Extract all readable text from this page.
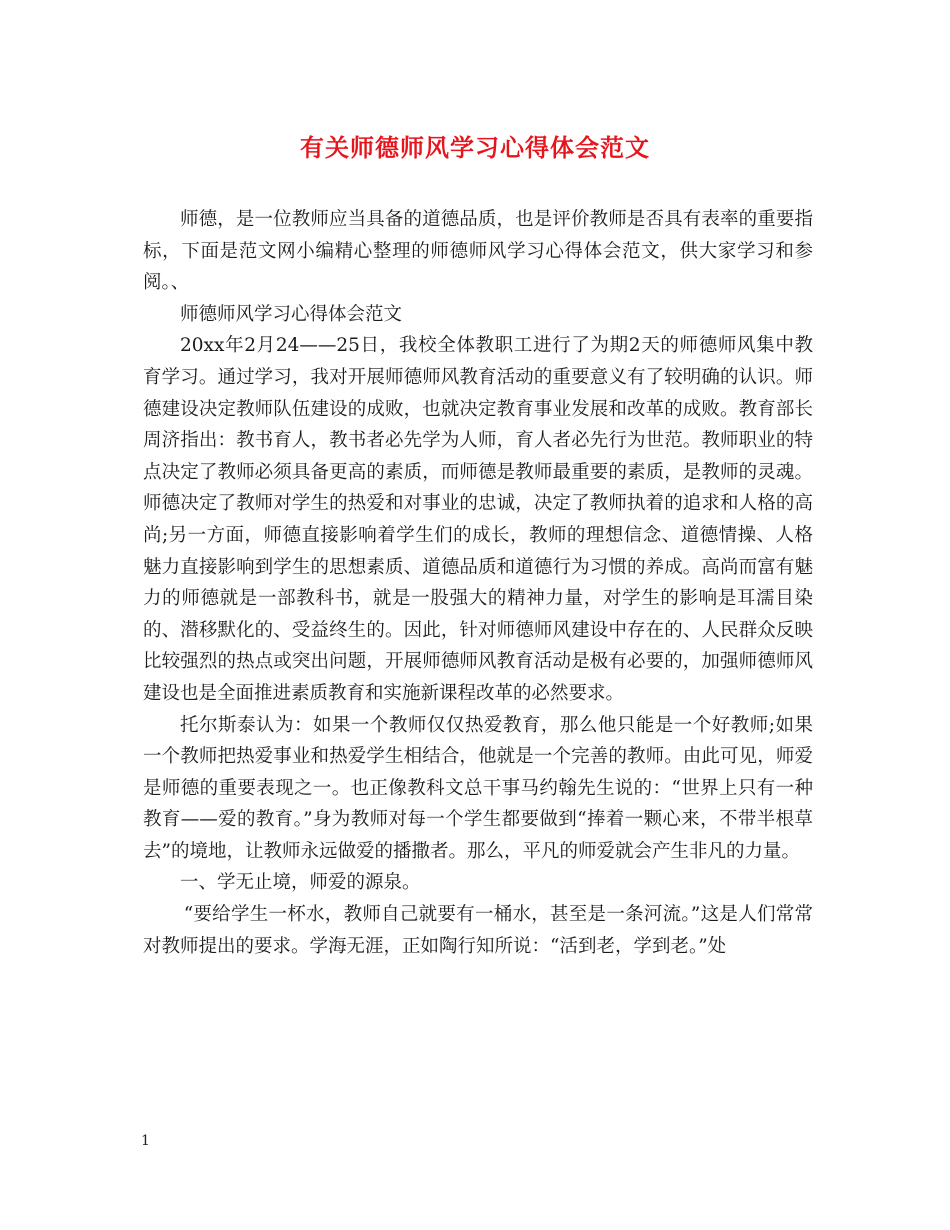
有关师德师风学习心得体会范文

师德，是一位教师应当具备的道德品质，也是评价教师是否具有表率的重要指标，下面是范文网小编精心整理的师德师风学习心得体会范文，供大家学习和参阅。、

师德师风学习心得体会范文

20xx年2月24——25日，我校全体教职工进行了为期2天的师德师风集中教育学习。通过学习，我对开展师德师风教育活动的重要意义有了较明确的认识。师德建设决定教师队伍建设的成败，也就决定教育事业发展和改革的成败。教育部长周济指出：教书育人，教书者必先学为人师，育人者必先行为世范。教师职业的特点决定了教师必须具备更高的素质，而师德是教师最重要的素质，是教师的灵魂。师德决定了教师对学生的热爱和对事业的忠诚，决定了教师执着的追求和人格的高尚;另一方面，师德直接影响着学生们的成长，教师的理想信念、道德情操、人格魅力直接影响到学生的思想素质、道德品质和道德行为习惯的养成。高尚而富有魅力的师德就是一部教科书，就是一股强大的精神力量，对学生的影响是耳濡目染的、潜移默化的、受益终生的。因此，针对师德师风建设中存在的、人民群众反映比较强烈的热点或突出问题，开展师德师风教育活动是极有必要的，加强师德师风建设也是全面推进素质教育和实施新课程改革的必然要求。

托尔斯泰认为：如果一个教师仅仅热爱教育，那么他只能是一个好教师;如果一个教师把热爱事业和热爱学生相结合，他就是一个完善的教师。由此可见，师爱是师德的重要表现之一。也正像教科文总干事马约翰先生说的：“世界上只有一种教育——爱的教育。”身为教师对每一个学生都要做到“捧着一颗心来，不带半根草去”的境地，让教师永远做爱的播撒者。那么，平凡的师爱就会产生非凡的力量。

一、学无止境，师爱的源泉。

“要给学生一杯水，教师自己就要有一桶水，甚至是一条河流。”这是人们常常对教师提出的要求。学海无涯，正如陶行知所说：“活到老，学到老。”处

1
